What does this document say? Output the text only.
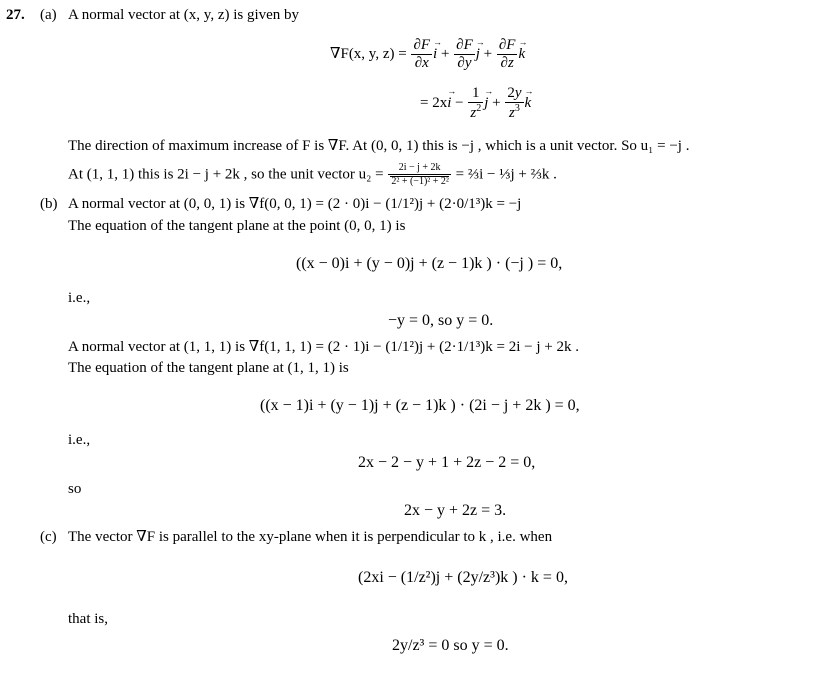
27. (a) A normal vector at (x, y, z) is given by
∇F(x, y, $z) = \frac{\partial F}{\partial x}$ i → + $\frac{\partial F}{\partial y}$ j → + $\frac{\partial F}{\partial z}$ k →
= 2xi → − $\frac{1}{z^2}$ j → + $\frac{2y}{z^3}$ k →
The direction of maximum increase of F is ∇F. At (0, 0, 1) this is −j , which is a unit vector. So u₁ = −j .
At (1, 1, 1) this is 2i − j + 2k , so the unit vector $u_2 = \frac{2i - j + 2k}{\text{2² + (−1)² + 2²}}$ = ⅔i − ⅓j + ⅔k .
(b) A normal vector at (0, 0, 1) is ∇f(0, 0, 1) = (2 · 0)i − (1/1²)j + (2·0/1³)k = −j
The equation of the tangent plane at the point (0, 0, 1) is
((x − 0)i + (y − 0)j + (z − 1)k ) · (−j ) = 0,
i.e.,
−y = 0, so y = 0.
A normal vector at (1, 1, 1) is ∇f(1, 1, 1) = (2 · 1)i − (1/1²)j + (2·1/1³)k = 2i − j + 2k .
The equation of the tangent plane at (1, 1, 1) is
((x − 1)i + (y − 1)j + (z − 1)k ) · (2i − j + 2k ) = 0,
i.e.,
2x − 2 − y + 1 + 2z − 2 = 0,
so
2x − y + 2z = 3.
(c) The vector ∇F is parallel to the xy-plane when it is perpendicular to k , i.e. when
(2xi − (1/z²)j + (2y/z³)k ) · k = 0,
that is,
2y/z³ = 0 so y = 0.
